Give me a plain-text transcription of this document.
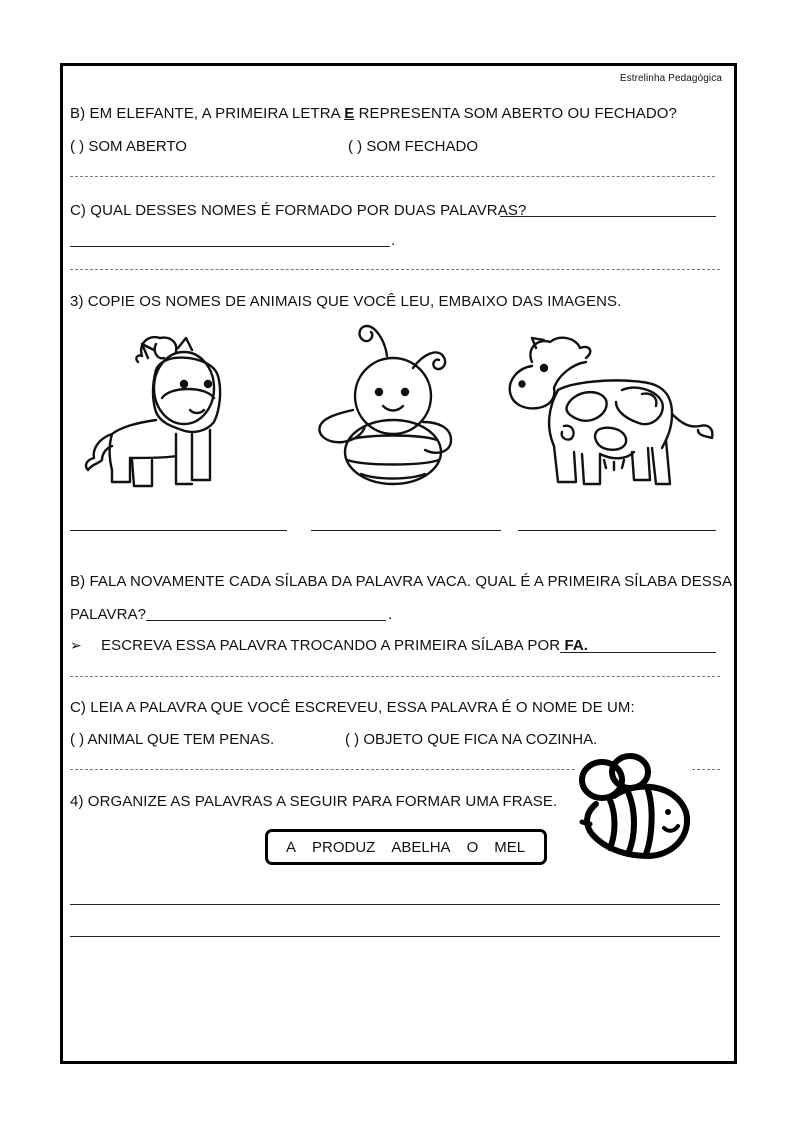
Estrelinha Pedagógica
B) EM ELEFANTE, A PRIMEIRA LETRA E REPRESENTA SOM ABERTO OU FECHADO?
( ) SOM ABERTO	( ) SOM FECHADO
C) QUAL DESSES NOMES É FORMADO POR DUAS PALAVRAS?
.
3) COPIE OS NOMES DE ANIMAIS QUE VOCÊ LEU, EMBAIXO DAS IMAGENS.
B) FALA NOVAMENTE CADA SÍLABA DA PALAVRA VACA. QUAL É A PRIMEIRA SÍLABA DESSA
PALAVRA?	.
➢ ESCREVA ESSA PALAVRA TROCANDO A PRIMEIRA SÍLABA POR FA.
C) LEIA A PALAVRA QUE VOCÊ ESCREVEU, ESSA PALAVRA É O NOME DE UM:
( ) ANIMAL QUE TEM PENAS.	( ) OBJETO QUE FICA NA COZINHA.
4) ORGANIZE AS PALAVRAS A SEGUIR PARA FORMAR UMA FRASE.
A PRODUZ ABELHA O MEL
